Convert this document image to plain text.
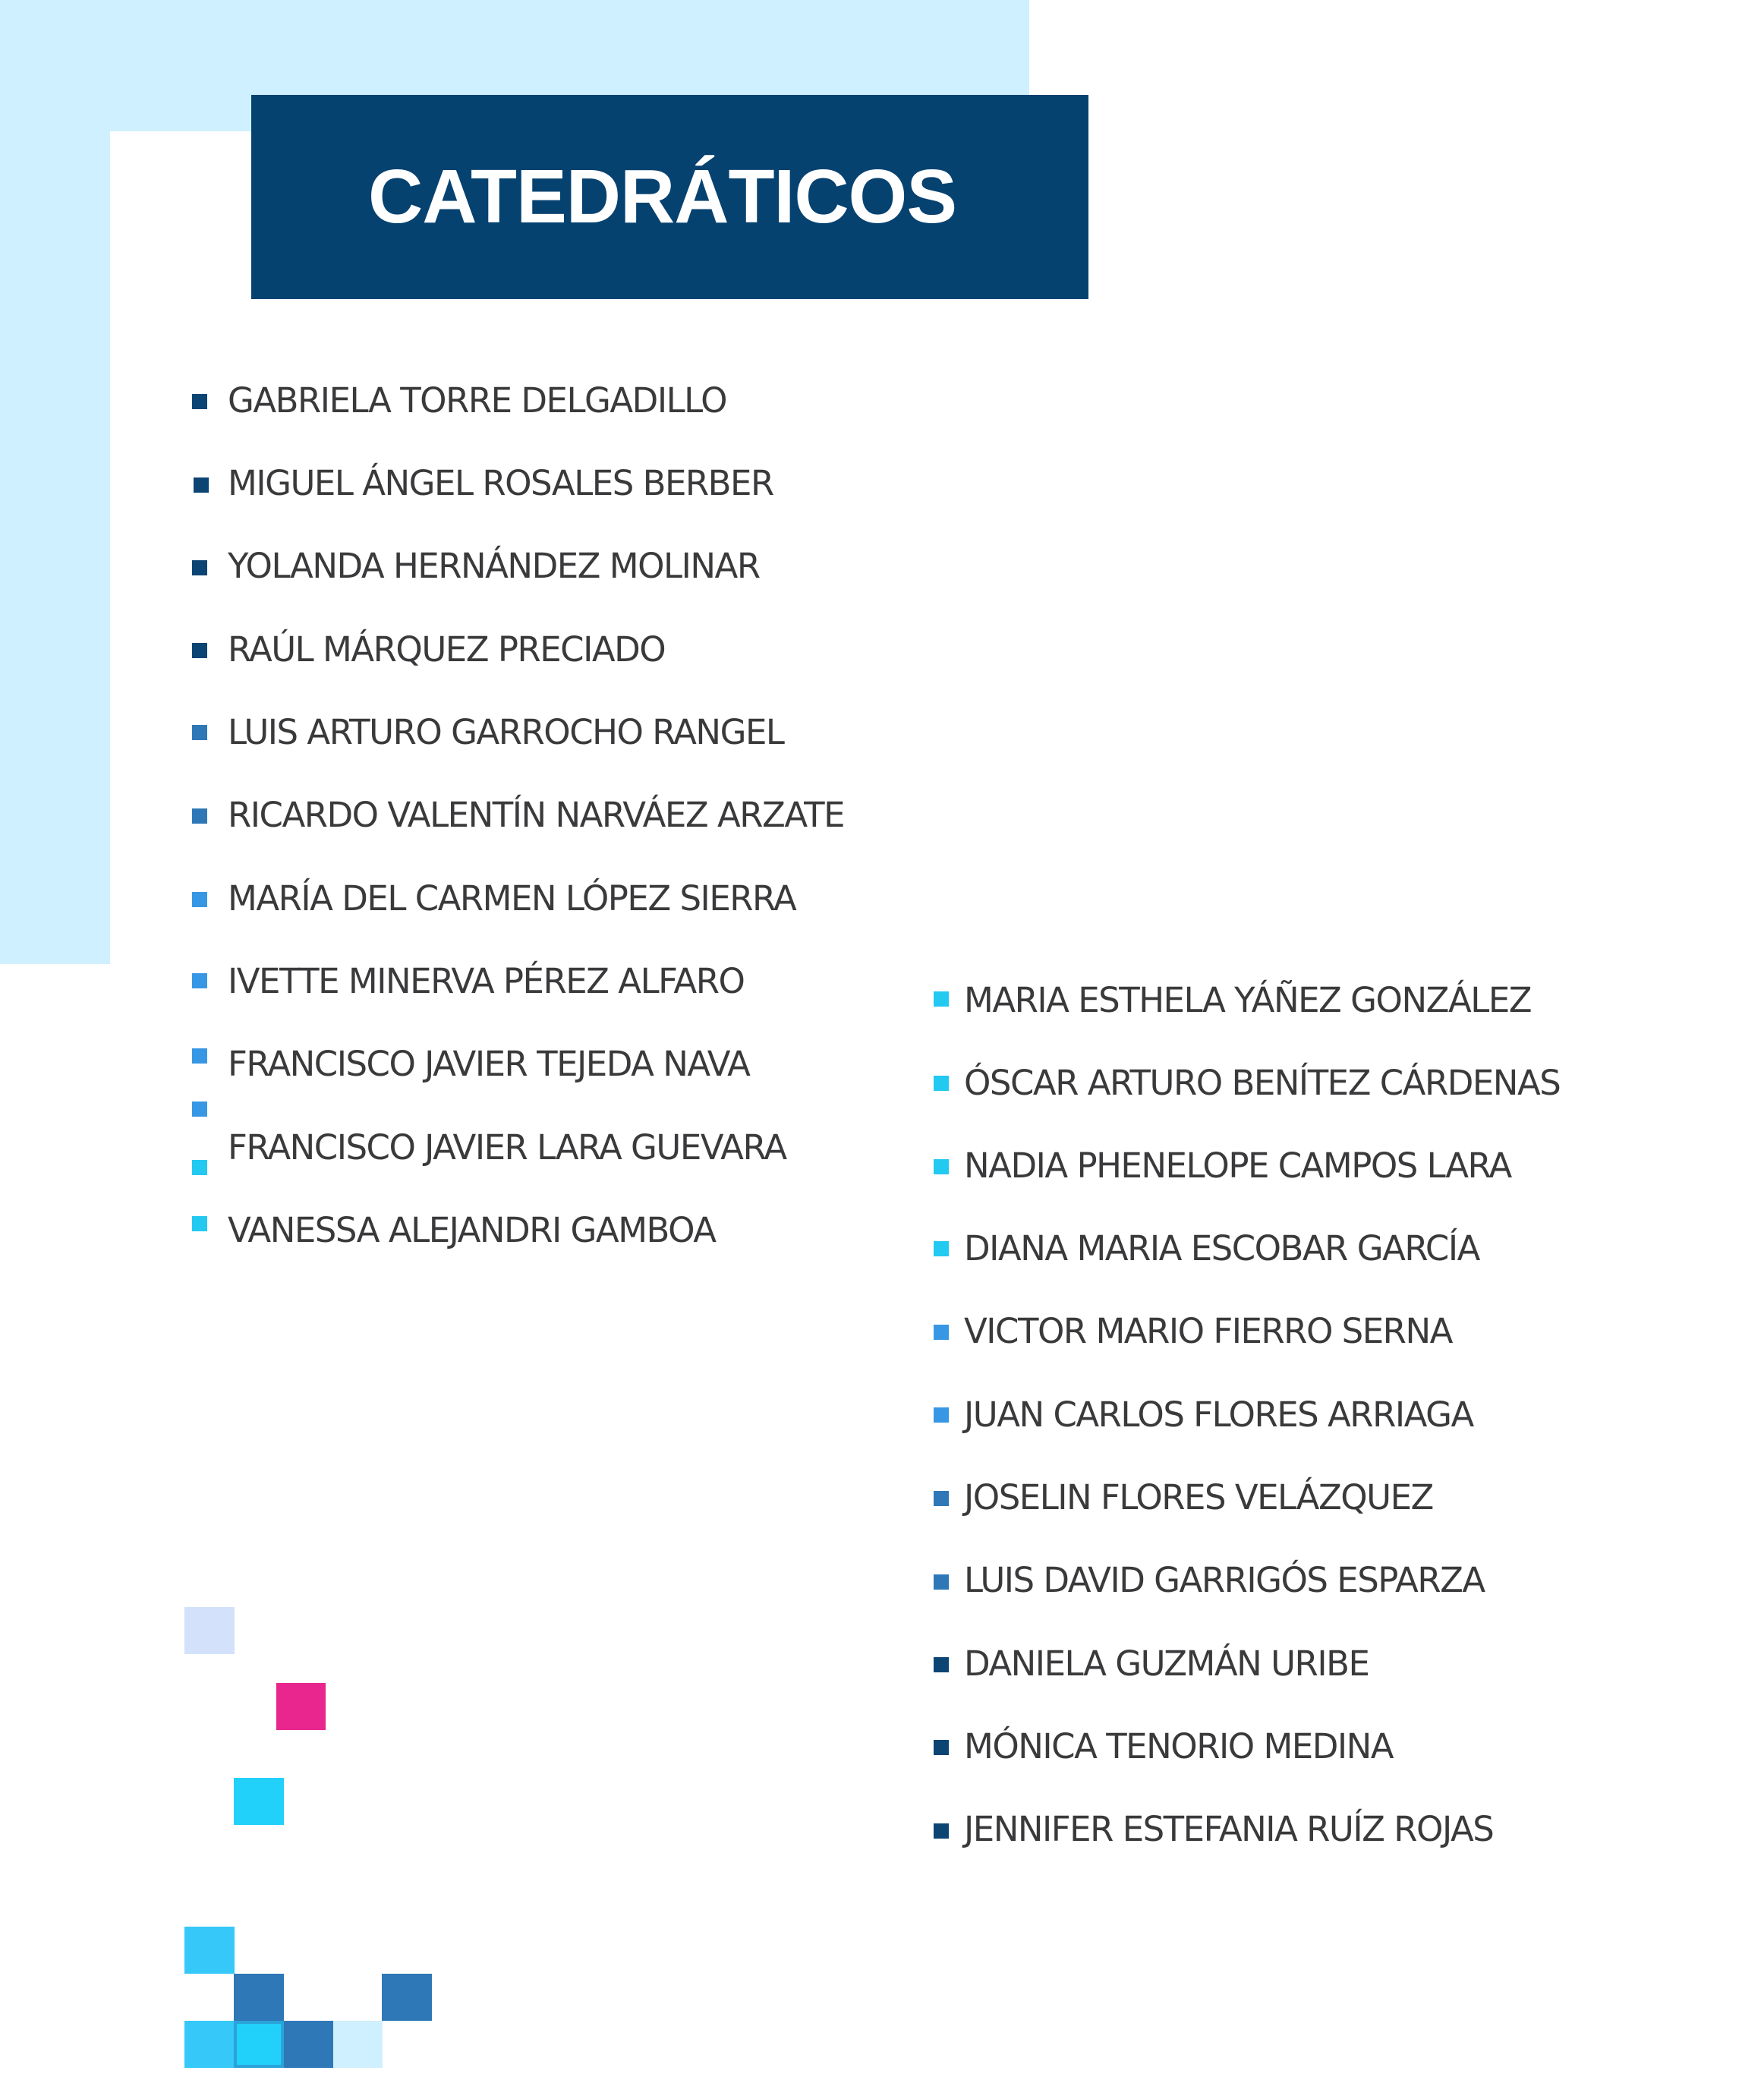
CATEDRÁTICOS
GABRIELA TORRE DELGADILLO
MIGUEL ÁNGEL ROSALES BERBER
YOLANDA HERNÁNDEZ MOLINAR
RAÚL MÁRQUEZ PRECIADO
LUIS ARTURO GARROCHO RANGEL
RICARDO VALENTÍN NARVÁEZ ARZATE
MARÍA DEL CARMEN LÓPEZ SIERRA
IVETTE MINERVA PÉREZ ALFARO
FRANCISCO JAVIER TEJEDA NAVA
FRANCISCO JAVIER LARA GUEVARA
VANESSA ALEJANDRI GAMBOA
MARIA ESTHELA YÁÑEZ GONZÁLEZ
ÓSCAR ARTURO BENÍTEZ CÁRDENAS
NADIA PHENELOPE CAMPOS LARA
DIANA MARIA ESCOBAR GARCÍA
VICTOR MARIO FIERRO SERNA
JUAN CARLOS FLORES ARRIAGA
JOSELIN FLORES VELÁZQUEZ
LUIS DAVID GARRIGÓS ESPARZA
DANIELA GUZMÁN URIBE
MÓNICA TENORIO MEDINA
JENNIFER ESTEFANIA RUÍZ ROJAS
